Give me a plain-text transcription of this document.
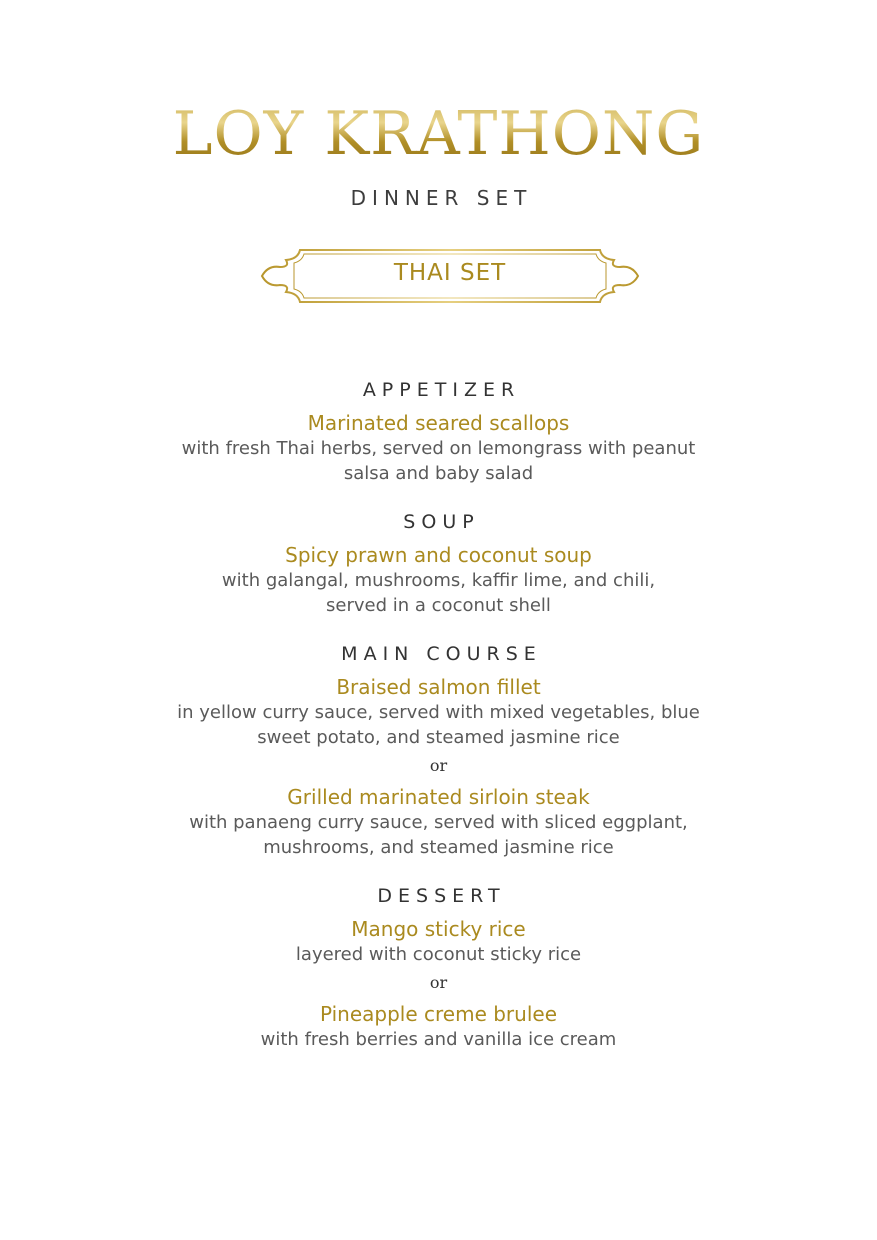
LOY KRATHONG
DINNER SET
THAI SET
APPETIZER
Marinated seared scallops
with fresh Thai herbs, served on lemongrass with peanut
salsa and baby salad
SOUP
Spicy prawn and coconut soup
with galangal, mushrooms, kaffir lime, and chili,
served in a coconut shell
MAIN COURSE
Braised salmon fillet
in yellow curry sauce, served with mixed vegetables, blue
sweet potato, and steamed jasmine rice
or
Grilled marinated sirloin steak
with panaeng curry sauce, served with sliced eggplant,
mushrooms, and steamed jasmine rice
DESSERT
Mango sticky rice
layered with coconut sticky rice
or
Pineapple creme brulee
with fresh berries and vanilla ice cream
